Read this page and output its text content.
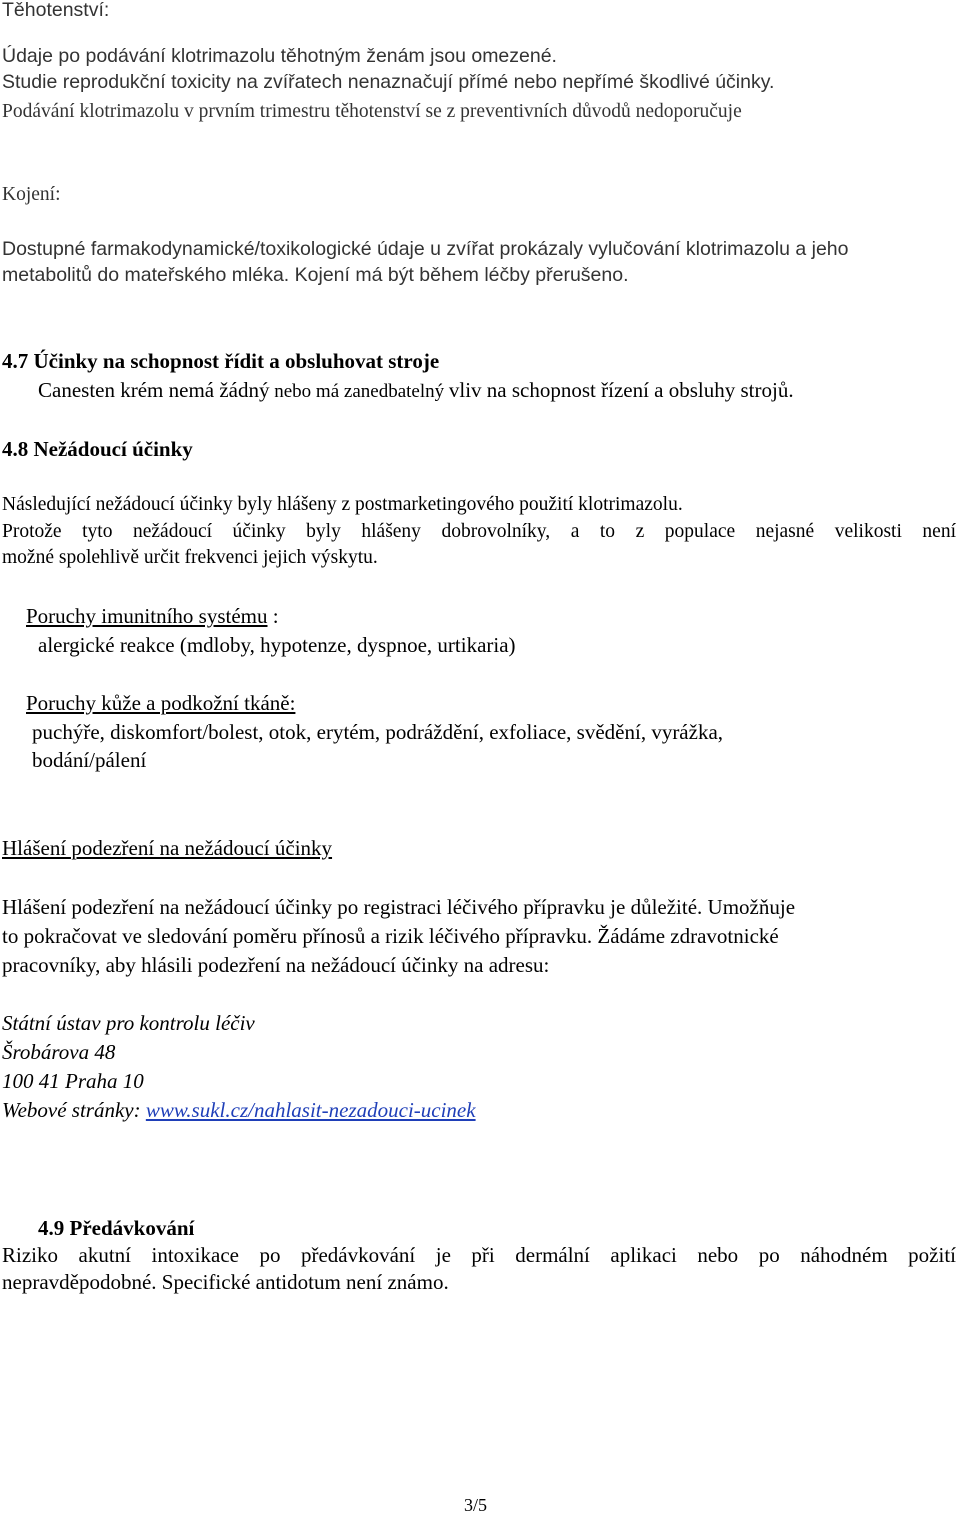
Těhotenství:
Údaje po podávání klotrimazolu těhotným ženám jsou omezené.
Studie reprodukční toxicity na zvířatech nenaznačují přímé nebo nepřímé škodlivé účinky.
Podávání klotrimazolu v prvním trimestru těhotenství se z preventivních důvodů nedoporučuje
Kojení:
Dostupné farmakodynamické/toxikologické údaje u zvířat prokázaly vylučování klotrimazolu a jeho
metabolitů do mateřského mléka. Kojení má být během léčby přerušeno.
4.7 Účinky na schopnost řídit a obsluhovat stroje
Canesten krém nemá žádný nebo má zanedbatelný vliv na schopnost řízení a obsluhy strojů.
4.8 Nežádoucí účinky
Následující nežádoucí účinky byly hlášeny z postmarketingového použití klotrimazolu.
Protože tyto nežádoucí účinky byly hlášeny dobrovolníky, a to z populace nejasné velikosti není
možné spolehlivě určit frekvenci jejich výskytu.
Poruchy imunitního systému :
alergické reakce (mdloby, hypotenze, dyspnoe, urtikaria)
Poruchy kůže a podkožní tkáně:
puchýře, diskomfort/bolest, otok, erytém, podráždění, exfoliace, svědění, vyrážka,
bodání/pálení
Hlášení podezření na nežádoucí účinky
Hlášení podezření na nežádoucí účinky po registraci léčivého přípravku je důležité. Umožňuje
to pokračovat ve sledování poměru přínosů a rizik léčivého přípravku. Žádáme zdravotnické
pracovníky, aby hlásili podezření na nežádoucí účinky na adresu:
Státní ústav pro kontrolu léčiv
Šrobárova 48
100 41 Praha 10
Webové stránky: www.sukl.cz/nahlasit-nezadouci-ucinek
4.9 Předávkování
Riziko akutní intoxikace po předávkování je při dermální aplikaci nebo po náhodném požití
nepravděpodobné. Specifické antidotum není známo.
3/5
